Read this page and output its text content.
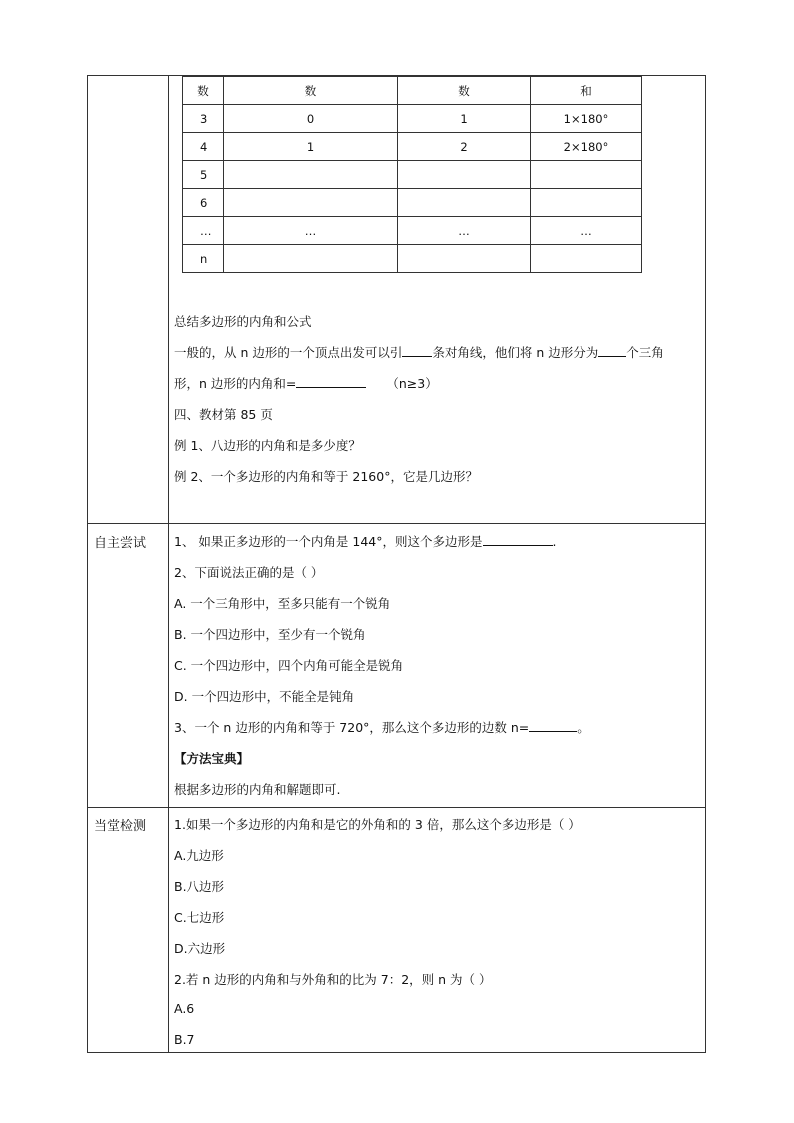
数	数	数	和
3	0	1	1×180°
4	1	2	2×180°
5			
6			
…	…	…	…
n			
总结多边形的内角和公式
一般的，从 n 边形的一个顶点出发可以引 条对角线，他们将 n 边形分为 个三角
形，n 边形的内角和=	（n≥3）
四、教材第 85 页
例 1、八边形的内角和是多少度？
例 2、一个多边形的内角和等于 2160°，它是几边形？
自主尝试 1、 如果正多边形的一个内角是 144°，则这个多边形是	.
2、下面说法正确的是（ ）
A. 一个三角形中，至多只能有一个锐角
B. 一个四边形中，至少有一个锐角
C. 一个四边形中，四个内角可能全是锐角
D. 一个四边形中，不能全是钝角
3、一个 n 边形的内角和等于 720°，那么这个多边形的边数 n=	。
【方法宝典】
根据多边形的内角和解题即可.
当堂检测 1.如果一个多边形的内角和是它的外角和的 3 倍，那么这个多边形是（ ）
A.九边形
B.八边形
C.七边形
D.六边形
2.若 n 边形的内角和与外角和的比为 7：2，则 n 为（ ）
A.6
B.7
